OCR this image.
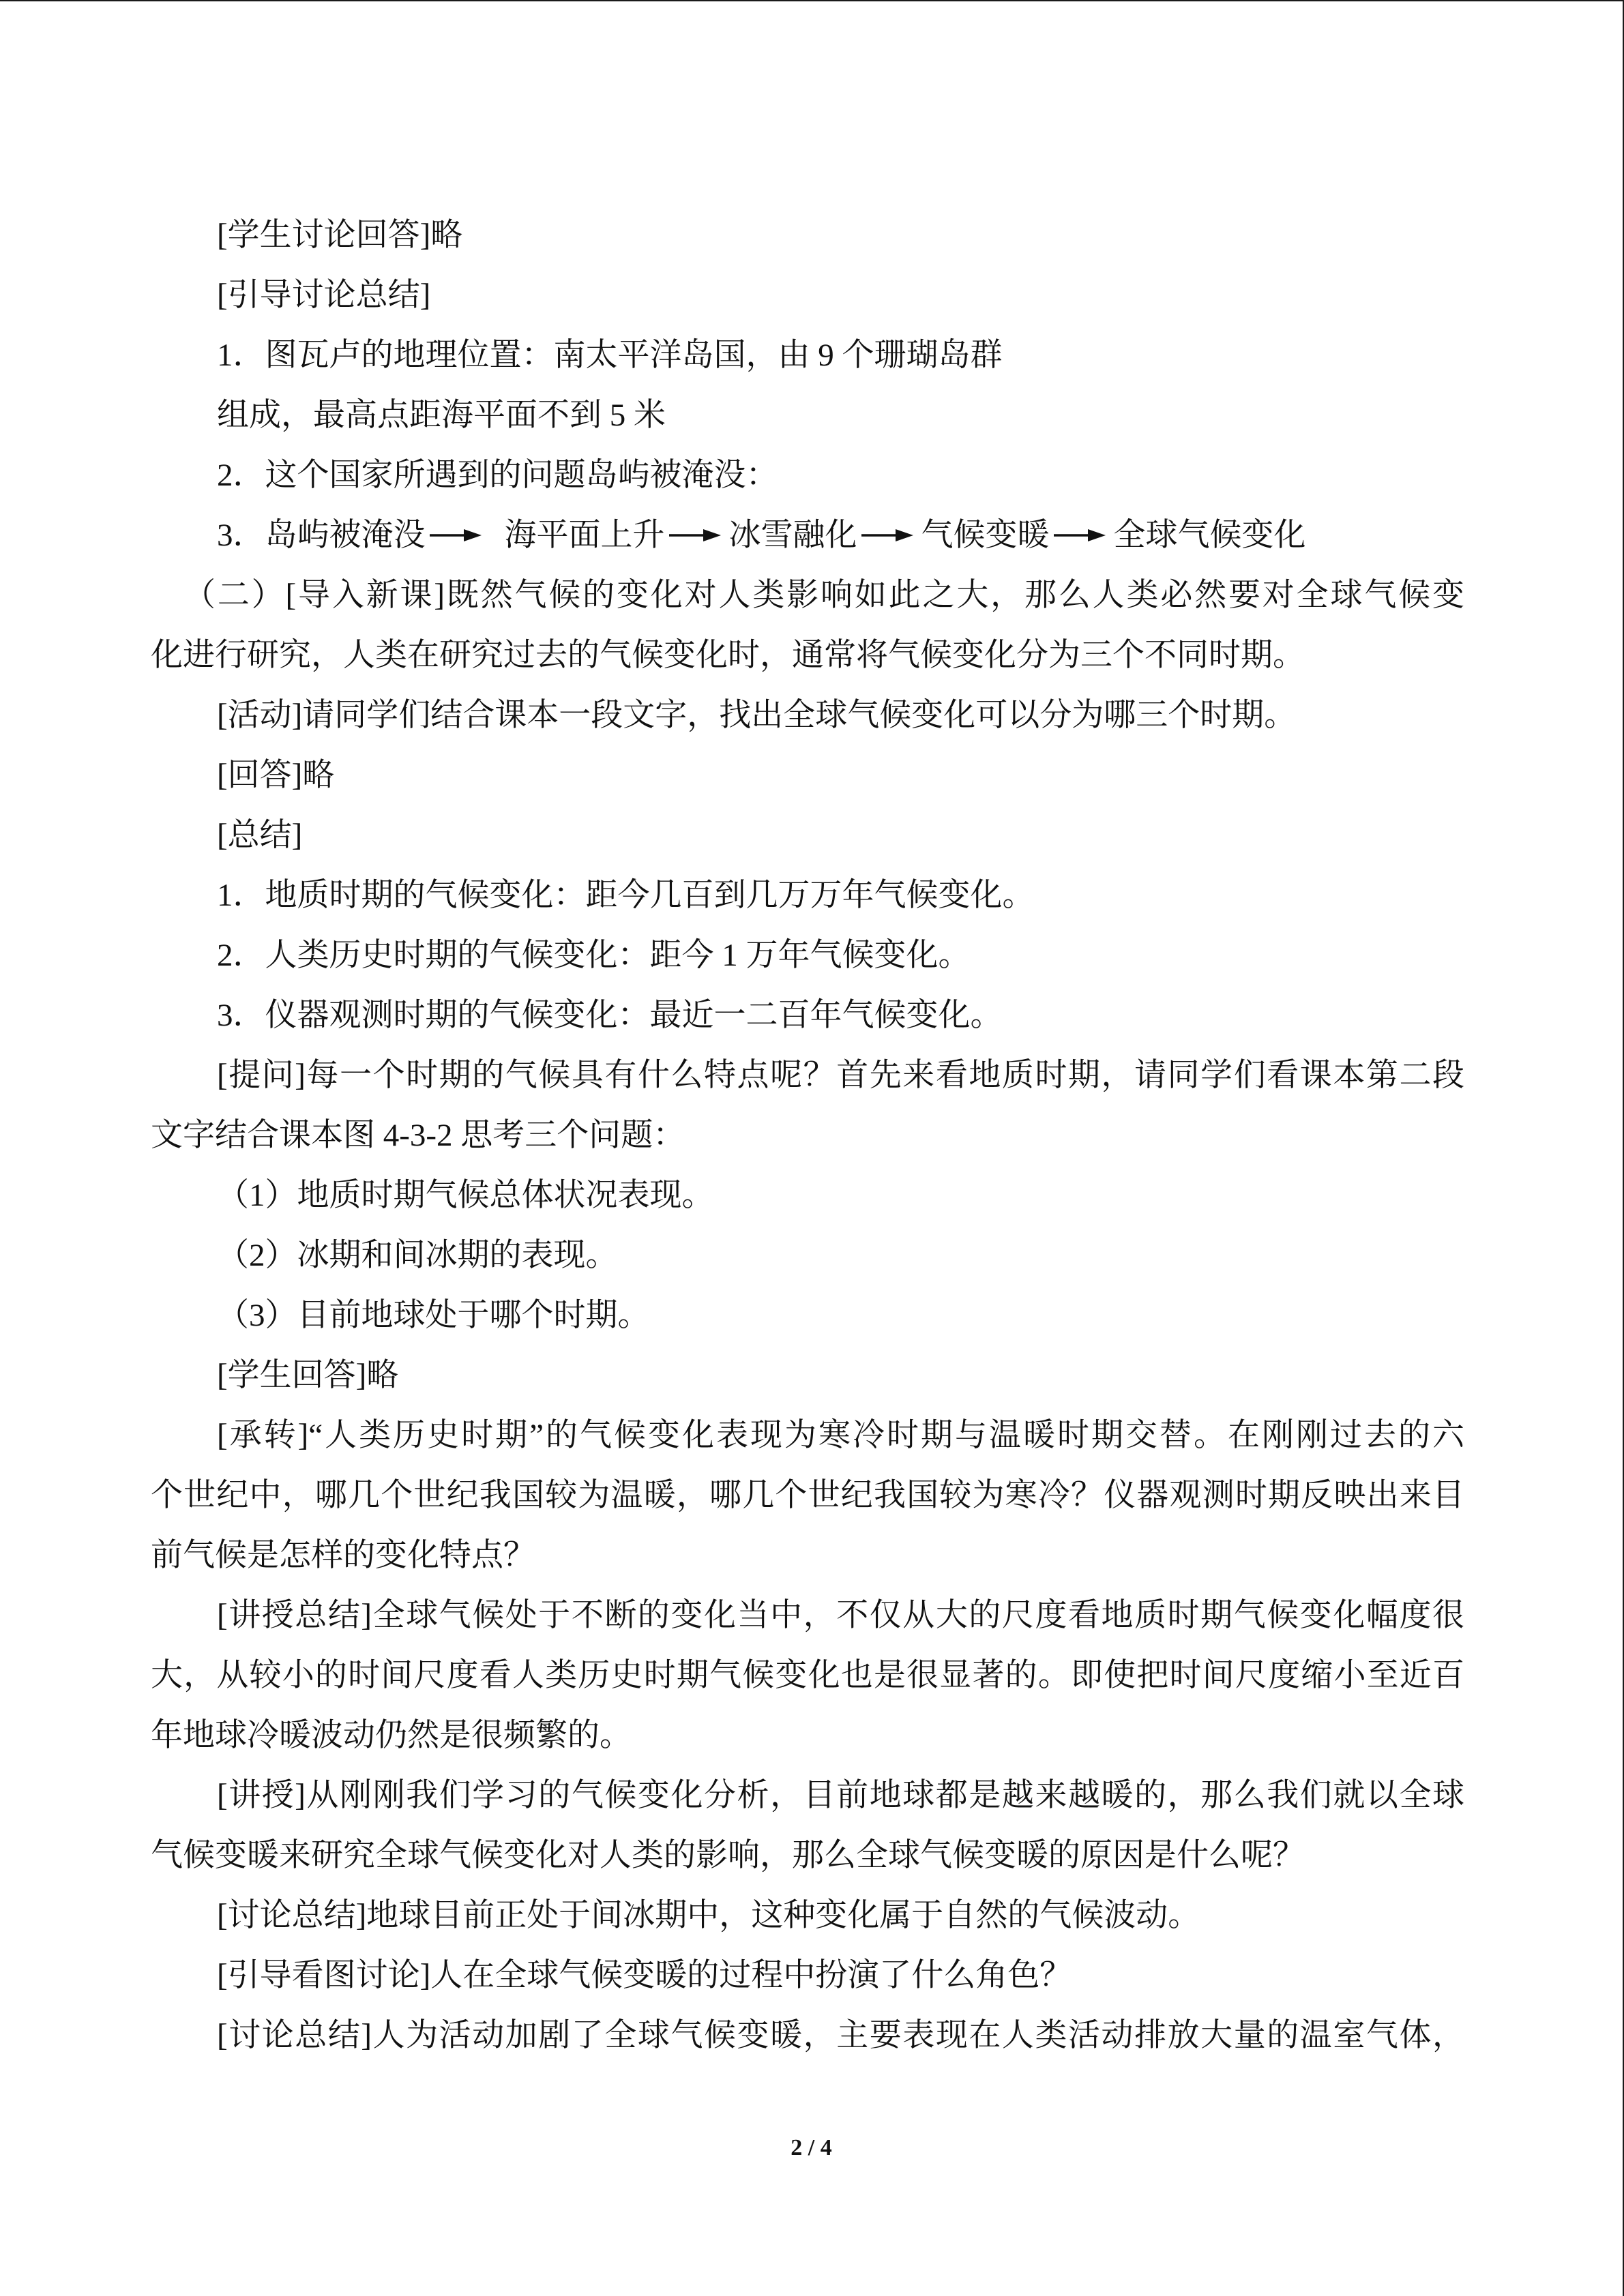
[学生讨论回答]略
[引导讨论总结]
1．图瓦卢的地理位置：南太平洋岛国，由 9 个珊瑚岛群
组成，最高点距海平面不到 5 米
2．这个国家所遇到的问题岛屿被淹没：
3．岛屿被淹没 海平面上升 冰雪融化 气候变暖 全球气候变化
（二）[导入新课]既然气候的变化对人类影响如此之大，那么人类必然要对全球气候变
化进行研究，人类在研究过去的气候变化时，通常将气候变化分为三个不同时期。
[活动]请同学们结合课本一段文字，找出全球气候变化可以分为哪三个时期。
[回答]略
[总结]
1．地质时期的气候变化：距今几百到几万万年气候变化。
2．人类历史时期的气候变化：距今 1 万年气候变化。
3．仪器观测时期的气候变化：最近一二百年气候变化。
[提问]每一个时期的气候具有什么特点呢？首先来看地质时期，请同学们看课本第二段
文字结合课本图 4-3-2 思考三个问题：
（1）地质时期气候总体状况表现。
（2）冰期和间冰期的表现。
（3）目前地球处于哪个时期。
[学生回答]略
[承转]“人类历史时期”的气候变化表现为寒冷时期与温暖时期交替。在刚刚过去的六
个世纪中，哪几个世纪我国较为温暖，哪几个世纪我国较为寒冷？仪器观测时期反映出来目
前气候是怎样的变化特点？
[讲授总结]全球气候处于不断的变化当中，不仅从大的尺度看地质时期气候变化幅度很
大，从较小的时间尺度看人类历史时期气候变化也是很显著的。即使把时间尺度缩小至近百
年地球冷暖波动仍然是很频繁的。
[讲授]从刚刚我们学习的气候变化分析，目前地球都是越来越暖的，那么我们就以全球
气候变暖来研究全球气候变化对人类的影响，那么全球气候变暖的原因是什么呢？
[讨论总结]地球目前正处于间冰期中，这种变化属于自然的气候波动。
[引导看图讨论]人在全球气候变暖的过程中扮演了什么角色？
[讨论总结]人为活动加剧了全球气候变暖，主要表现在人类活动排放大量的温室气体，
2 / 4
